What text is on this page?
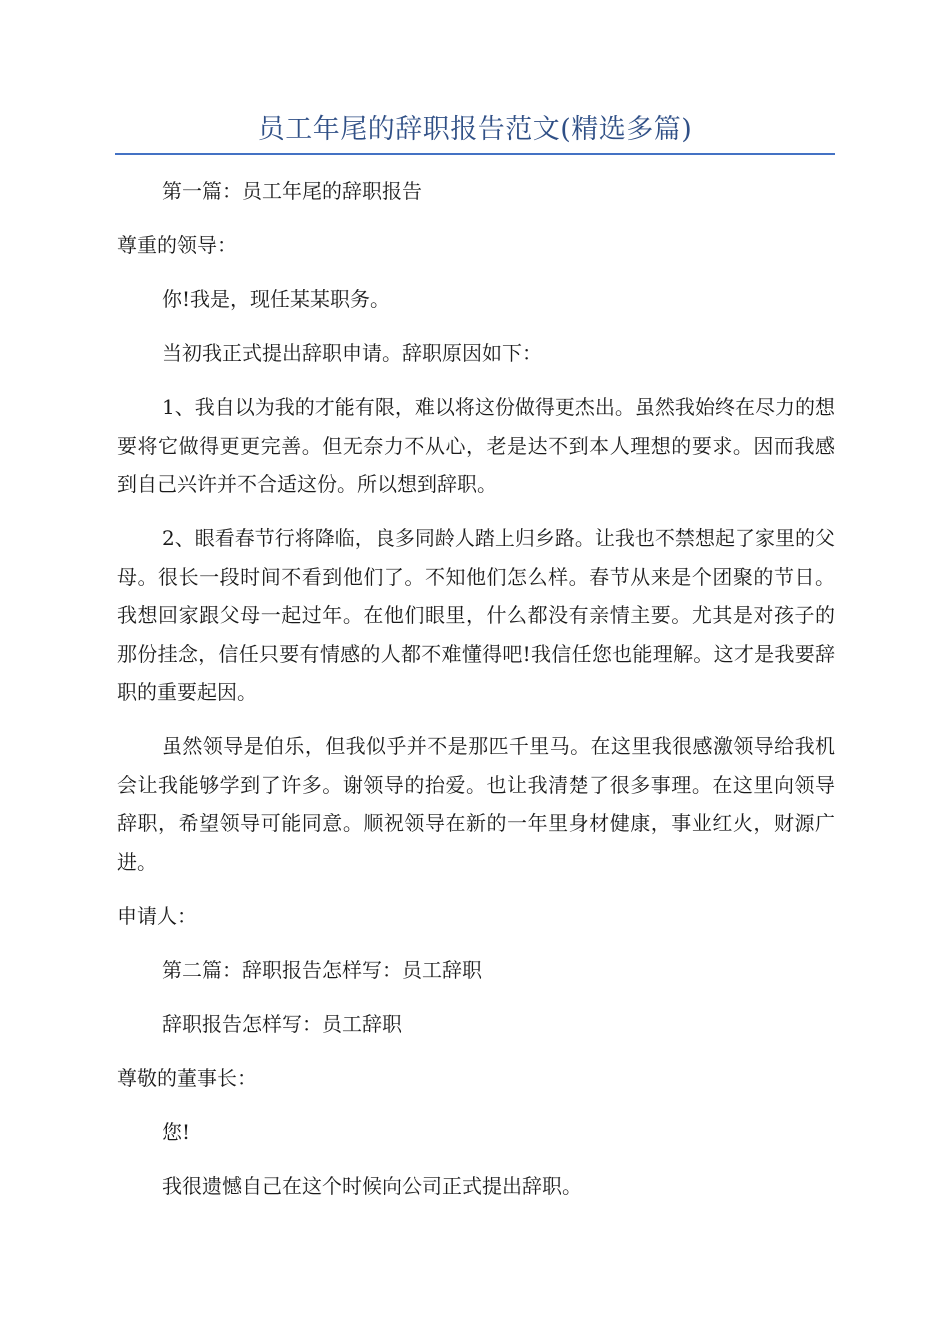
员工年尾的辞职报告范文(精选多篇)

第一篇：员工年尾的辞职报告

尊重的领导：

你!我是，现任某某职务。

当初我正式提出辞职申请。辞职原因如下：

1、我自以为我的才能有限，难以将这份做得更杰出。虽然我始终在尽力的想要将它做得更更完善。但无奈力不从心，老是达不到本人理想的要求。因而我感到自己兴许并不合适这份。所以想到辞职。

2、眼看春节行将降临，良多同龄人踏上归乡路。让我也不禁想起了家里的父母。很长一段时间不看到他们了。不知他们怎么样。春节从来是个团聚的节日。我想回家跟父母一起过年。在他们眼里，什么都没有亲情主要。尤其是对孩子的那份挂念，信任只要有情感的人都不难懂得吧!我信任您也能理解。这才是我要辞职的重要起因。

虽然领导是伯乐，但我似乎并不是那匹千里马。在这里我很感激领导给我机会让我能够学到了许多。谢领导的抬爱。也让我清楚了很多事理。在这里向领导辞职，希望领导可能同意。顺祝领导在新的一年里身材健康，事业红火，财源广进。

申请人：

第二篇：辞职报告怎样写：员工辞职

辞职报告怎样写：员工辞职

尊敬的董事长：

您!

我很遗憾自己在这个时候向公司正式提出辞职。
